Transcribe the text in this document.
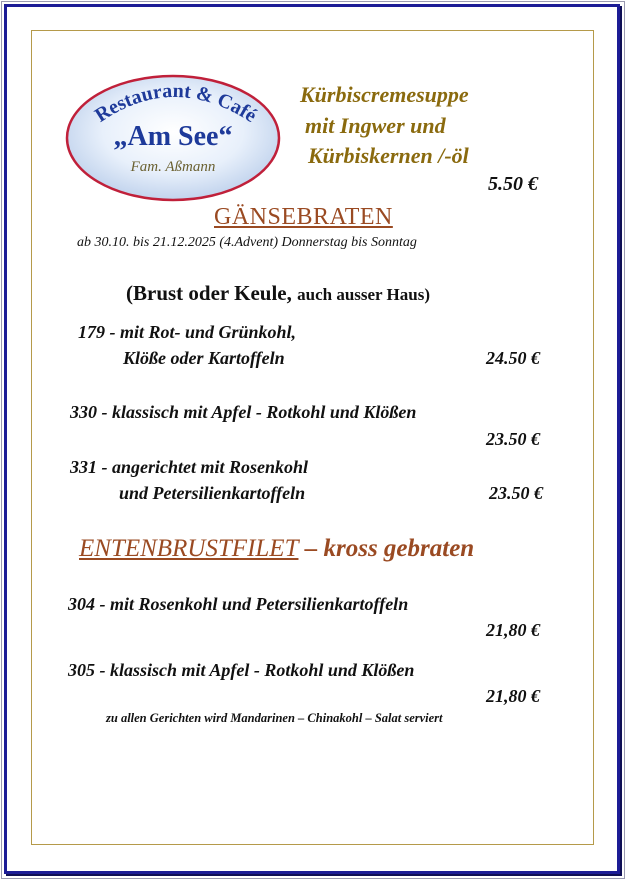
Restaurant & Café
„Am See“
Fam. Aßmann
Kürbiscremesuppe
mit Ingwer und
Kürbiskernen /-öl
5.50 €
GÄNSEBRATEN
ab 30.10. bis 21.12.2025 (4.Advent) Donnerstag bis Sonntag
(Brust oder Keule, auch ausser Haus)
179 - mit Rot- und Grünkohl,
Klöße oder Kartoffeln	24.50 €
330 - klassisch mit Apfel - Rotkohl und Klößen
23.50 €
331 - angerichtet mit Rosenkohl
und Petersilienkartoffeln	23.50 €
ENTENBRUSTFILET – kross gebraten
304 - mit Rosenkohl und Petersilienkartoffeln
21,80 €
305 - klassisch mit Apfel - Rotkohl und Klößen
21,80 €
zu allen Gerichten wird Mandarinen – Chinakohl – Salat serviert
